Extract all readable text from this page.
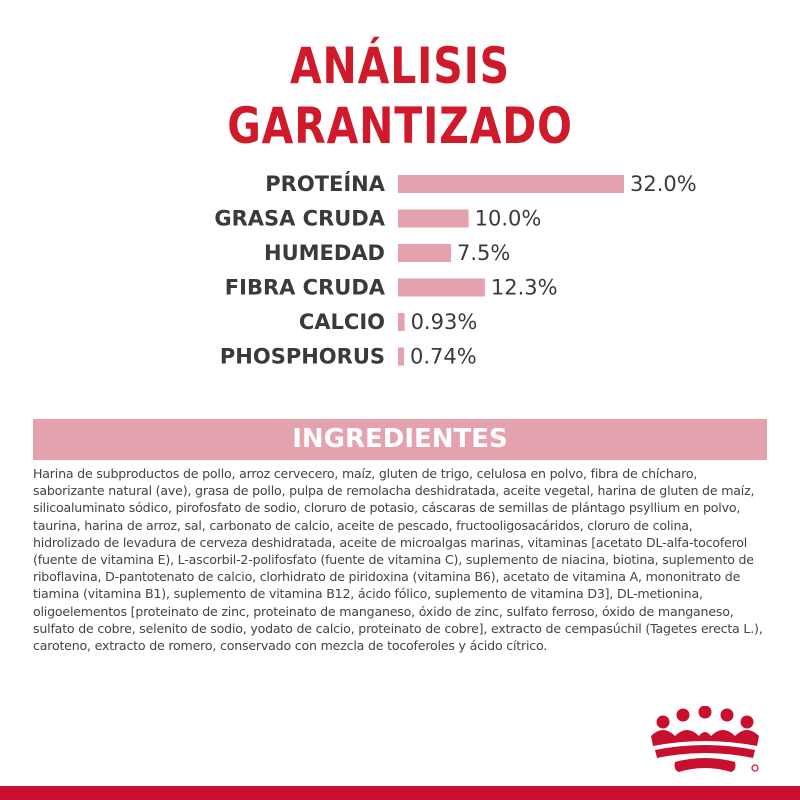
ANÁLISIS
GARANTIZADO
PROTEÍNA	32.0%
GRASA CRUDA	10.0%
HUMEDAD	7.5%
FIBRA CRUDA	12.3%
CALCIO 0.93%
PHOSPHORUS 0.74%
INGREDIENTES
Harina de subproductos de pollo, arroz cervecero, maíz, gluten de trigo, celulosa en polvo, fibra de chícharo, saborizante natural (ave), grasa de pollo, pulpa de remolacha deshidratada, aceite vegetal, harina de gluten de maíz, silicoaluminato sódico, pirofosfato de sodio, cloruro de potasio, cáscaras de semillas de plántago psyllium en polvo, taurina, harina de arroz, sal, carbonato de calcio, aceite de pescado, fructooligosacáridos, cloruro de colina, hidrolizado de levadura de cerveza deshidratada, aceite de microalgas marinas, vitaminas [acetato DL-alfa-tocoferol (fuente de vitamina E), L-ascorbil-2-polifosfato (fuente de vitamina C), suplemento de niacina, biotina, suplemento de riboflavina, D-pantotenato de calcio, clorhidrato de piridoxina (vitamina B6), acetato de vitamina A, mononitrato de tiamina (vitamina B1), suplemento de vitamina B12, ácido fólico, suplemento de vitamina D3], DL-metionina, oligoelementos [proteinato de zinc, proteinato de manganeso, óxido de zinc, sulfato ferroso, óxido de manganeso, sulfato de cobre, selenito de sodio, yodato de calcio, proteinato de cobre], extracto de cempasúchil (Tagetes erecta L.), caroteno, extracto de romero, conservado con mezcla de tocoferoles y ácido cítrico.
